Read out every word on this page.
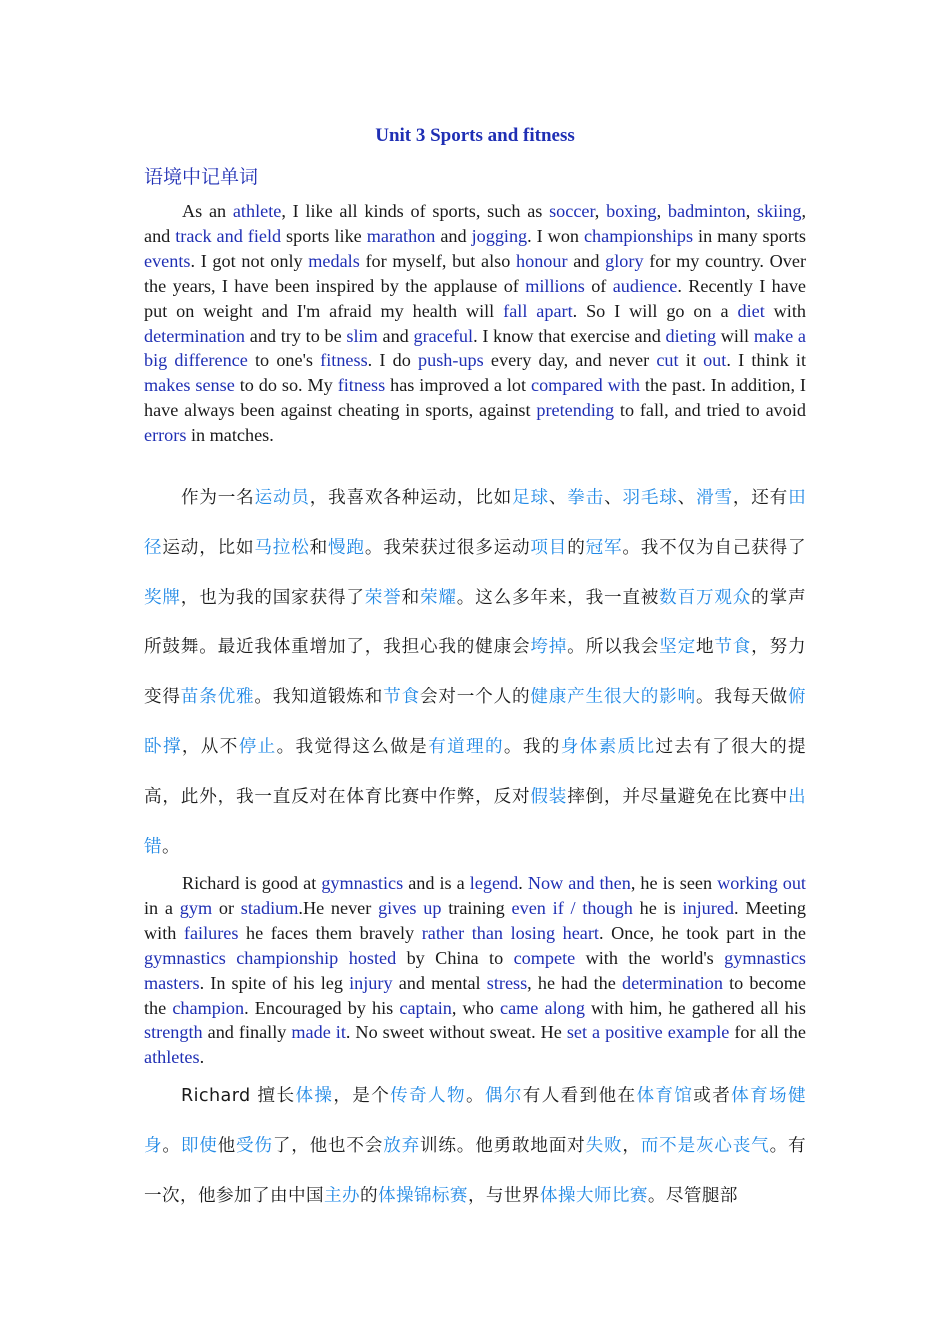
Unit 3 Sports and fitness
语境中记单词

As an athlete, I like all kinds of sports, such as soccer, boxing, badminton, skiing, and track and field sports like marathon and jogging. I won championships in many sports events. I got not only medals for myself, but also honour and glory for my country. Over the years, I have been inspired by the applause of millions of audience. Recently I have put on weight and I'm afraid my health will fall apart. So I will go on a diet with determination and try to be slim and graceful. I know that exercise and dieting will make a big difference to one's fitness. I do push-ups every day, and never cut it out. I think it makes sense to do so. My fitness has improved a lot compared with the past. In addition, I have always been against cheating in sports, against pretending to fall, and tried to avoid errors in matches.

作为一名运动员，我喜欢各种运动，比如足球、拳击、羽毛球、滑雪，还有田径运动，比如马拉松和慢跑。我荣获过很多运动项目的冠军。我不仅为自己获得了奖牌，也为我的国家获得了荣誉和荣耀。这么多年来，我一直被数百万观众的掌声所鼓舞。最近我体重增加了，我担心我的健康会垮掉。所以我会坚定地节食，努力变得苗条优雅。我知道锻炼和节食会对一个人的健康产生很大的影响。我每天做俯卧撑，从不停止。我觉得这么做是有道理的。我的身体素质比过去有了很大的提高，此外，我一直反对在体育比赛中作弊，反对假装摔倒，并尽量避免在比赛中出错。

Richard is good at gymnastics and is a legend. Now and then, he is seen working out in a gym or stadium.He never gives up training even if / though he is injured. Meeting with failures he faces them bravely rather than losing heart. Once, he took part in the gymnastics championship hosted by China to compete with the world's gymnastics masters. In spite of his leg injury and mental stress, he had the determination to become the champion. Encouraged by his captain, who came along with him, he gathered all his strength and finally made it. No sweet without sweat. He set a positive example for all the athletes.

Richard 擅长体操，是个传奇人物。偶尔有人看到他在体育馆或者体育场健身。即使他受伤了，他也不会放弃训练。他勇敢地面对失败，而不是灰心丧气。有一次，他参加了由中国主办的体操锦标赛，与世界体操大师比赛。尽管腿部
